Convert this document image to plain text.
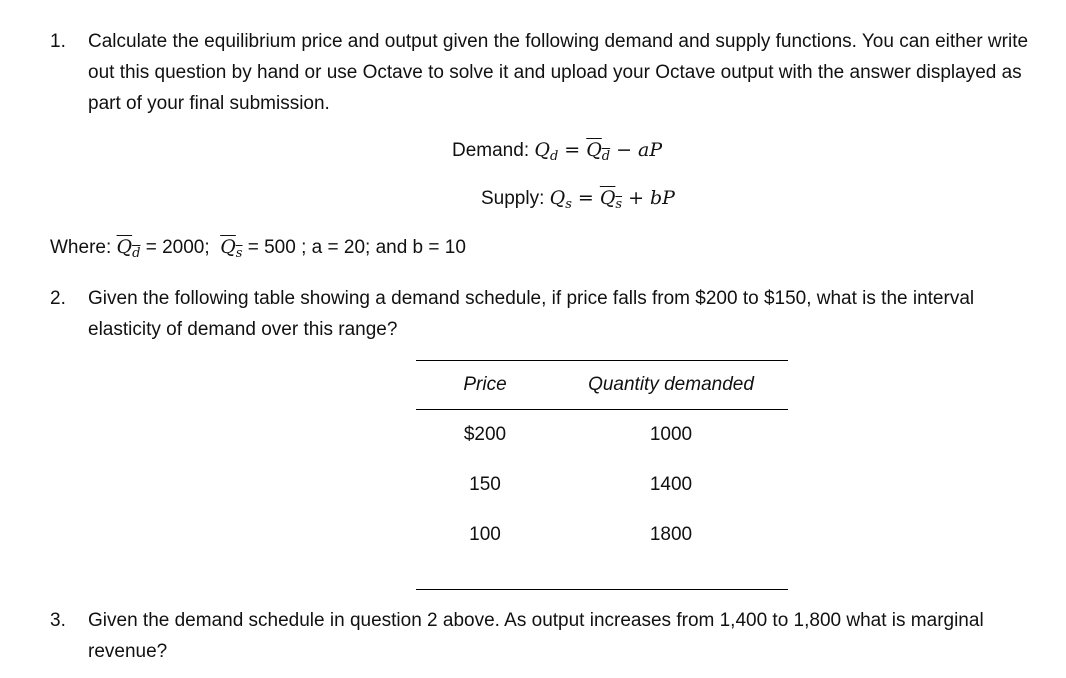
1. Calculate the equilibrium price and output given the following demand and supply functions. You can either write out this question by hand or use Octave to solve it and upload your Octave output with the answer displayed as part of your final submission.
Demand: $Q_d = Q_d$ − aP
Supply: $Q_s = Q_s$ + bP
Where: $Q_d = 2000$; $Q_s = 500$ ; a = 20; and b = 10
2. Given the following table showing a demand schedule, if price falls from $200 to $150, what is the interval elasticity of demand over this range?
Price	Quantity demanded
$200	1000
150	1400
100	1800
3. Given the demand schedule in question 2 above. As output increases from 1,400 to 1,800 what is marginal revenue?
